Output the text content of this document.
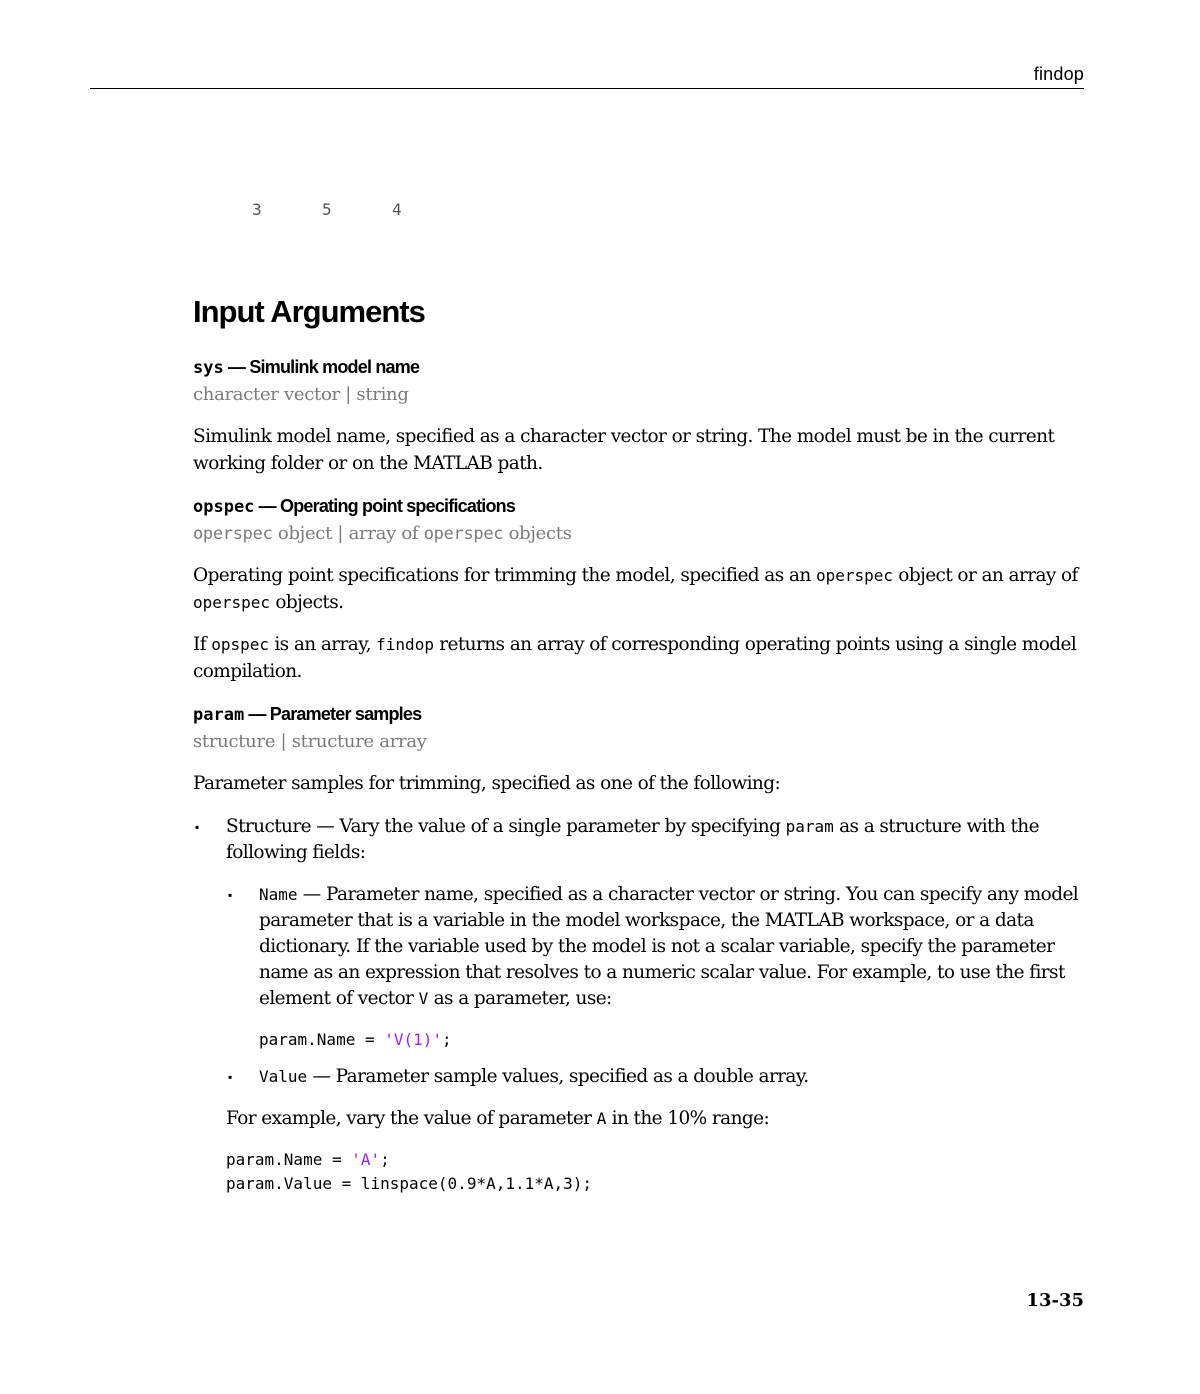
findop
3	5	4
Input Arguments
sys — Simulink model name
character vector | string

Simulink model name, specified as a character vector or string. The model must be in the current working folder or on the MATLAB path.

opspec — Operating point specifications
operspec object | array of operspec objects

Operating point specifications for trimming the model, specified as an operspec object or an array of operspec objects.

If opspec is an array, findop returns an array of corresponding operating points using a single model compilation.

param — Parameter samples
structure | structure array

Parameter samples for trimming, specified as one of the following:

▪ Structure — Vary the value of a single parameter by specifying param as a structure with the following fields:
▪ Name — Parameter name, specified as a character vector or string. You can specify any model parameter that is a variable in the model workspace, the MATLAB workspace, or a data dictionary. If the variable used by the model is not a scalar variable, specify the parameter name as an expression that resolves to a numeric scalar value. For example, to use the first element of vector V as a parameter, use:
param.Name = 'V(1)';
▪ Value — Parameter sample values, specified as a double array.
For example, vary the value of parameter A in the 10% range:
param.Name = 'A';
param.Value = linspace(0.9*A,1.1*A,3);
13-35
